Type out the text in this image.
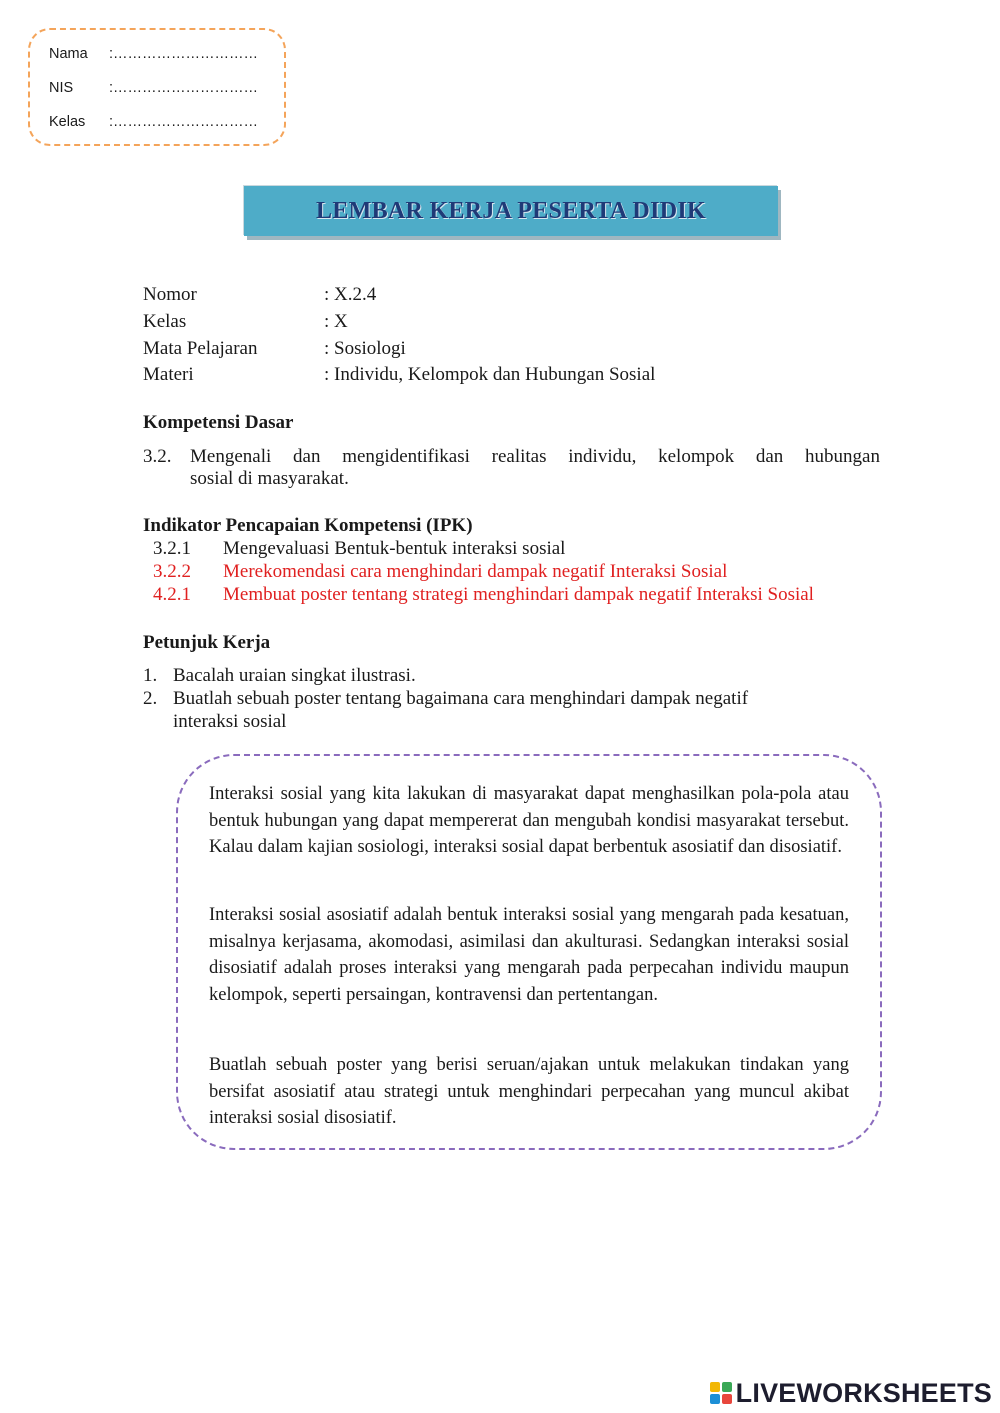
Nama	:…………………………
NIS	:…………………………
Kelas	:…………………………
LEMBAR KERJA PESERTA DIDIK
Nomor	: X.2.4
Kelas	: X
Mata Pelajaran	: Sosiologi
Materi	: Individu, Kelompok dan Hubungan Sosial
Kompetensi Dasar
3.2. Mengenali dan mengidentifikasi realitas individu, kelompok dan hubungan
sosial di masyarakat.
Indikator Pencapaian Kompetensi (IPK)
3.2.1 Mengevaluasi Bentuk-bentuk interaksi sosial
3.2.2 Merekomendasi cara menghindari dampak negatif Interaksi Sosial
4.2.1 Membuat poster tentang strategi menghindari dampak negatif Interaksi Sosial
Petunjuk Kerja
1. Bacalah uraian singkat ilustrasi.
2. Buatlah sebuah poster tentang bagaimana cara menghindari dampak negatif
interaksi sosial
Interaksi sosial yang kita lakukan di masyarakat dapat menghasilkan pola-pola atau bentuk hubungan yang dapat mempererat dan mengubah kondisi masyarakat tersebut. Kalau dalam kajian sosiologi, interaksi sosial dapat berbentuk asosiatif dan disosiatif.
Interaksi sosial asosiatif adalah bentuk interaksi sosial yang mengarah pada kesatuan, misalnya kerjasama, akomodasi, asimilasi dan akulturasi. Sedangkan interaksi sosial disosiatif adalah proses interaksi yang mengarah pada perpecahan individu maupun kelompok, seperti persaingan, kontravensi dan pertentangan.
Buatlah sebuah poster yang berisi seruan/ajakan untuk melakukan tindakan yang bersifat asosiatif atau strategi untuk menghindari perpecahan yang muncul akibat interaksi sosial disosiatif.
LIVEWORKSHEETS
